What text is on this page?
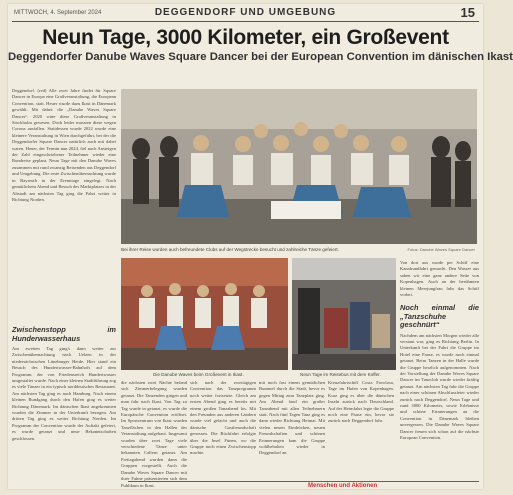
MITTWOCH, 4. September 2024	DEGGENDORF UND UMGEBUNG	15
Neun Tage, 3000 Kilometer, ein Großevent
Deggendorfer Danube Waves Square Dancer bei der European Convention im dänischen Ikast
Deggendorf. (red) Alle zwei Jahre findet für Square Dancer in Europa eine Großveranstaltung, die European Convention, statt. Heuer wurde dazu Ikast in Dänemark gewählt. Mit dabei: die „Danube Waves Square Dancer“. 2020 wäre diese Großveranstaltung in Stockholm gewesen. Doch leider mussten diese wegen Corona ausfallen. Stattdessen wurde 2022 wurde eine kleinere Veranstaltung in Wien durchgeführt, bei der die Deggendorfer Square Dancer natürlich auch mit dabei waren. Heuer, der Termin nun 2024, fiel nach Ansteigen der Zahl eingeschriebener Teilnehmer wieder eine Rundreise geplant. Neun Tage mit den Danube Waves zusammen mit rund zwanzig Reisenden aus Deggendorf und Umgebung. Die erste Zwischenübernachtung wurde in Bayreuth in der Eremitage eingelegt. Nach gemütlichem Abend und Besuch des Marktplatzes in der Altstadt am nächsten Tag ging die Fahrt weiter in Richtung Norden.
Zwischenstopp im Hunderwasserhaus
Am zweiten Tag ging's dann weiter zur Zwischenübernachtung nach Uelzen in der niedersächsischen Lüneburger Heide. Hier stand ein Besuch des Hundertwasser-Bahnhofs auf dem Programm, der von Friedensreich Hundertwasser umgestaltet wurde. Nach einer kleinen Stadtführung zog es viele Tänzer in ein typisch norddeutsches Restaurant. Am nächsten Tag ging es nach Hamburg. Nach einem kleinen Rundgang durch den Hafen ging es weiter Richtung Dänemark. Im dänischen Ikast angekommen wurden die Zimmer in der Unterkunft bezogen. Am dritten Tag ging es weiter Richtung Norden. Im Programm der Convention wurde der Auftakt gefeiert, es wurde getanzt und neue Bekanntschaften geschlossen.
Bei ihrer Reise wurden auch befreundete Clubs auf der Wegstrecke besucht und zahlreiche Tänze gefeiert.	Fotos: Danube Waves Square Dancer
Die Danube Waves beim Großevent in Ikast.	Neun Tage im Reisebus mit dem Koffer.
die nächsten zwei Nächte befand sich Zimmerbelegung wurden getanzt. Die Tanzenden gingen und man fuhr nach Ikast. Von Tag zu Tag wurde in getanzt, es wurde die Europäische Convention eröffnet. Im Sportzentrum von Ikast wurden Tanzflächen in den Hallen der Veranstaltung aufgebaut. Insgesamt wurden über zwei Tage viele verschiedene Tänze unter bekannten Callern getanzt. Am Freitagabend wurden dann die Gruppen vorgestellt. Auch die Danube Waves Square Dancer mit ihrer Fahne präsentierten sich dem Publikum in Ikast.
sich nach der zweitägigen Convention das Tanzprogramm noch weiter fortsetzte. Gleich am ersten Abend ging es bereits mit einem großen Tanzabend los. Mit den Freunden aus anderen Ländern wurde viel gelacht und auch die dänische Gastfreundschaft genossen. Die Rückfahrt erfolgte über die Insel Fünen, wo die Gruppe noch einen Zwischenstopp machte.
mit noch fast einem gemütlichen Bummel durch die Stadt, bevor es gegen Mittag zum Tanzplatz ging. Am Abend fand ein großer Tanzabend mit allen Teilnehmern statt. Nach fünf Tagen Tanz ging es dann wieder Richtung Heimat. Mit vielen neuen Eindrücken, neuen Freundschaften und schönen Erinnerungen kam die Gruppe wohlbehalten wieder in Deggendorf an.
Kreuzfahrtschiff Costa Favolosa, Tage im Hafen von Kopenhagen. Kurz ging es über die dänischen Inseln zurück nach Deutschland. Auf der Heimfahrt legte die Gruppe noch eine Pause ein, bevor sie zurück nach Deggendorf fuhr.
Von dort aus wurde per Schiff eine Kanalrundfahrt gemacht. Den Wasser aus sahen wir eine ganz andere Seite von Kopenhagen. Auch an der berühmten kleinen Meerjungfrau fuhr das Schiff vorbei.
Noch einmal die „Tanzschuhe geschnürt“
Nachdem am nächsten Morgen wieder alle verstaut war, ging es Richtung Berlin. In Unterkunft bei der Fahrt die Gruppe im Hotel eine Pause, es wurde noch einmal getanzt. Beim Tanzen in der Halle wurde die Gruppe herzlich aufgenommen. Nach der Vorstellung der Danube Waves Square Dancer im Tanzclub wurde wieder kräftig getanzt. Am nächsten Tag fuhr die Gruppe nach einer schönen Abschlussfeier wieder zurück nach Deggendorf. Neun Tage und rund 3000 Kilometer, sowie Erlebnisse und schöne Erinnerungen an die Convention in Dänemark bleiben unvergessen. Die Danube Waves Square Dancer freuen sich schon auf die nächste European Convention.
Menschen und Aktionen
